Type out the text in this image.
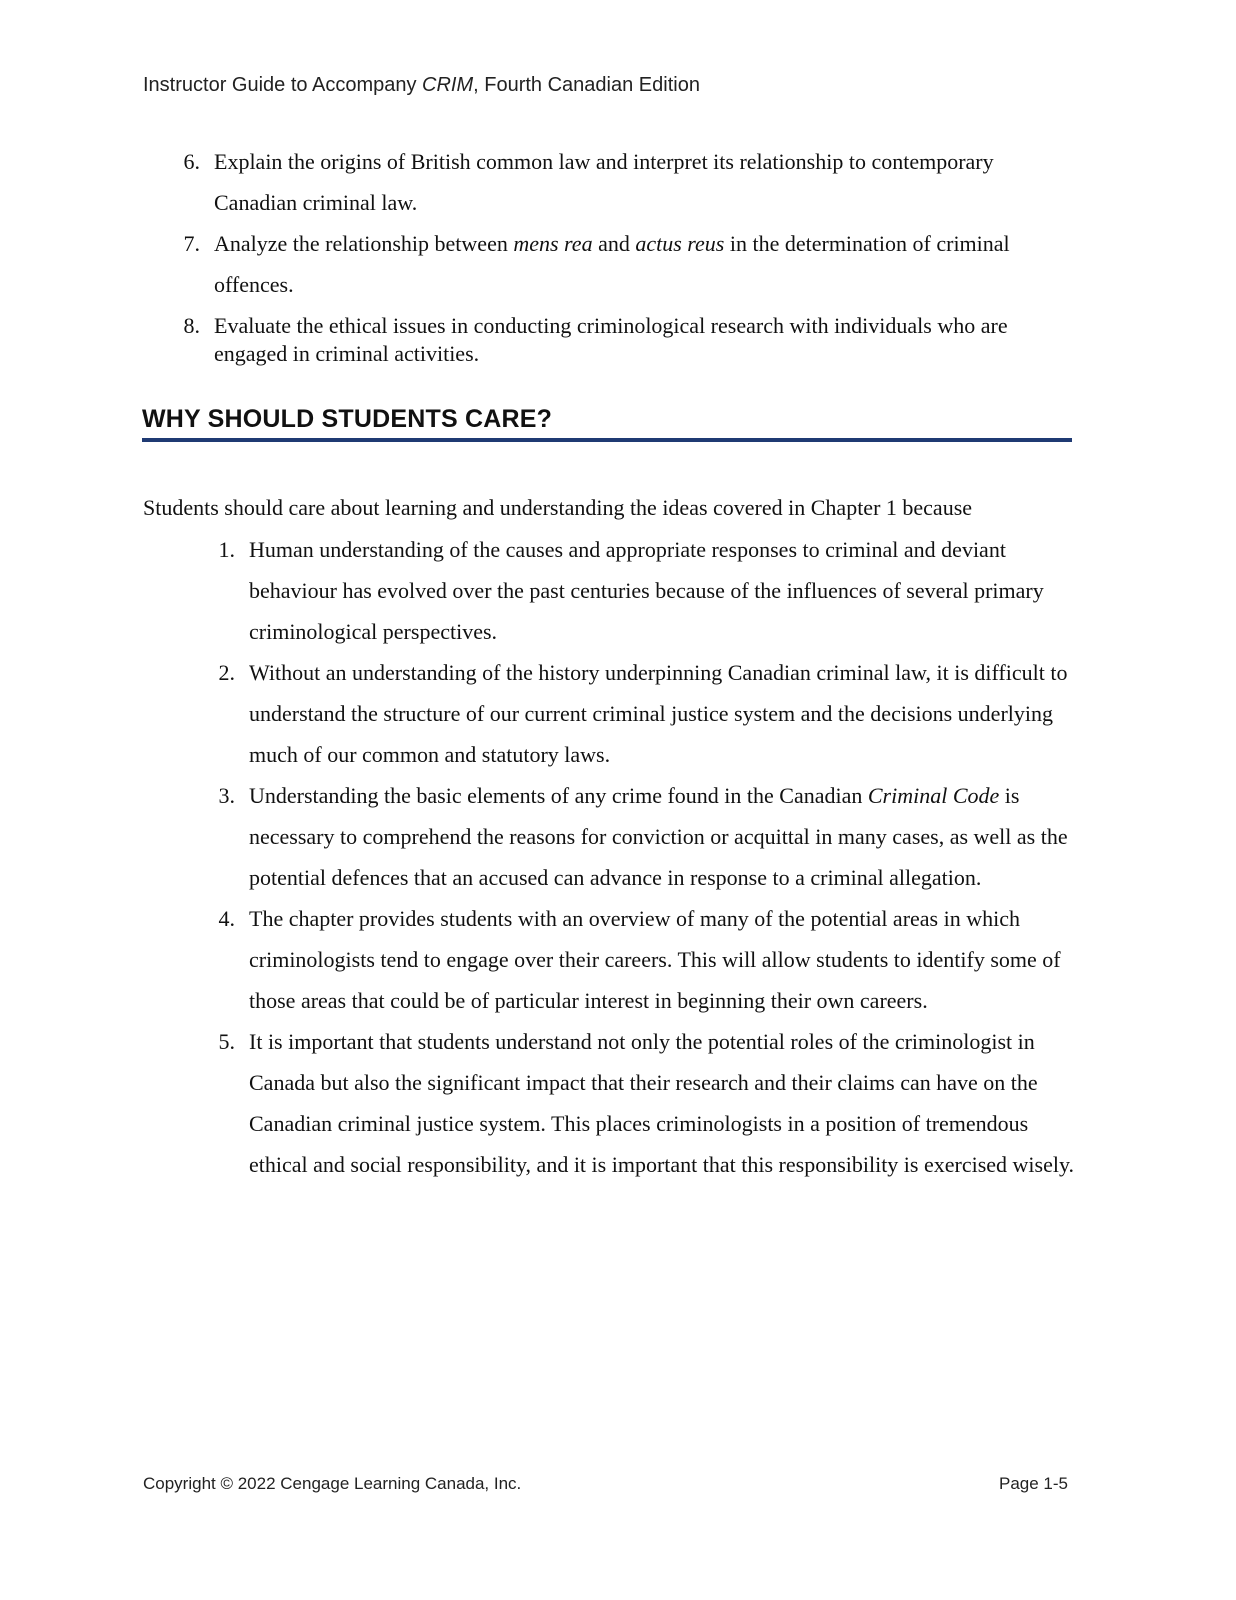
Instructor Guide to Accompany CRIM, Fourth Canadian Edition
6. Explain the origins of British common law and interpret its relationship to contemporary Canadian criminal law.
7. Analyze the relationship between mens rea and actus reus in the determination of criminal offences.
8. Evaluate the ethical issues in conducting criminological research with individuals who are engaged in criminal activities.
WHY SHOULD STUDENTS CARE?
Students should care about learning and understanding the ideas covered in Chapter 1 because
1. Human understanding of the causes and appropriate responses to criminal and deviant behaviour has evolved over the past centuries because of the influences of several primary criminological perspectives.
2. Without an understanding of the history underpinning Canadian criminal law, it is difficult to understand the structure of our current criminal justice system and the decisions underlying much of our common and statutory laws.
3. Understanding the basic elements of any crime found in the Canadian Criminal Code is necessary to comprehend the reasons for conviction or acquittal in many cases, as well as the potential defences that an accused can advance in response to a criminal allegation.
4. The chapter provides students with an overview of many of the potential areas in which criminologists tend to engage over their careers. This will allow students to identify some of those areas that could be of particular interest in beginning their own careers.
5. It is important that students understand not only the potential roles of the criminologist in Canada but also the significant impact that their research and their claims can have on the Canadian criminal justice system. This places criminologists in a position of tremendous ethical and social responsibility, and it is important that this responsibility is exercised wisely.
Copyright © 2022 Cengage Learning Canada, Inc.	Page 1-5
